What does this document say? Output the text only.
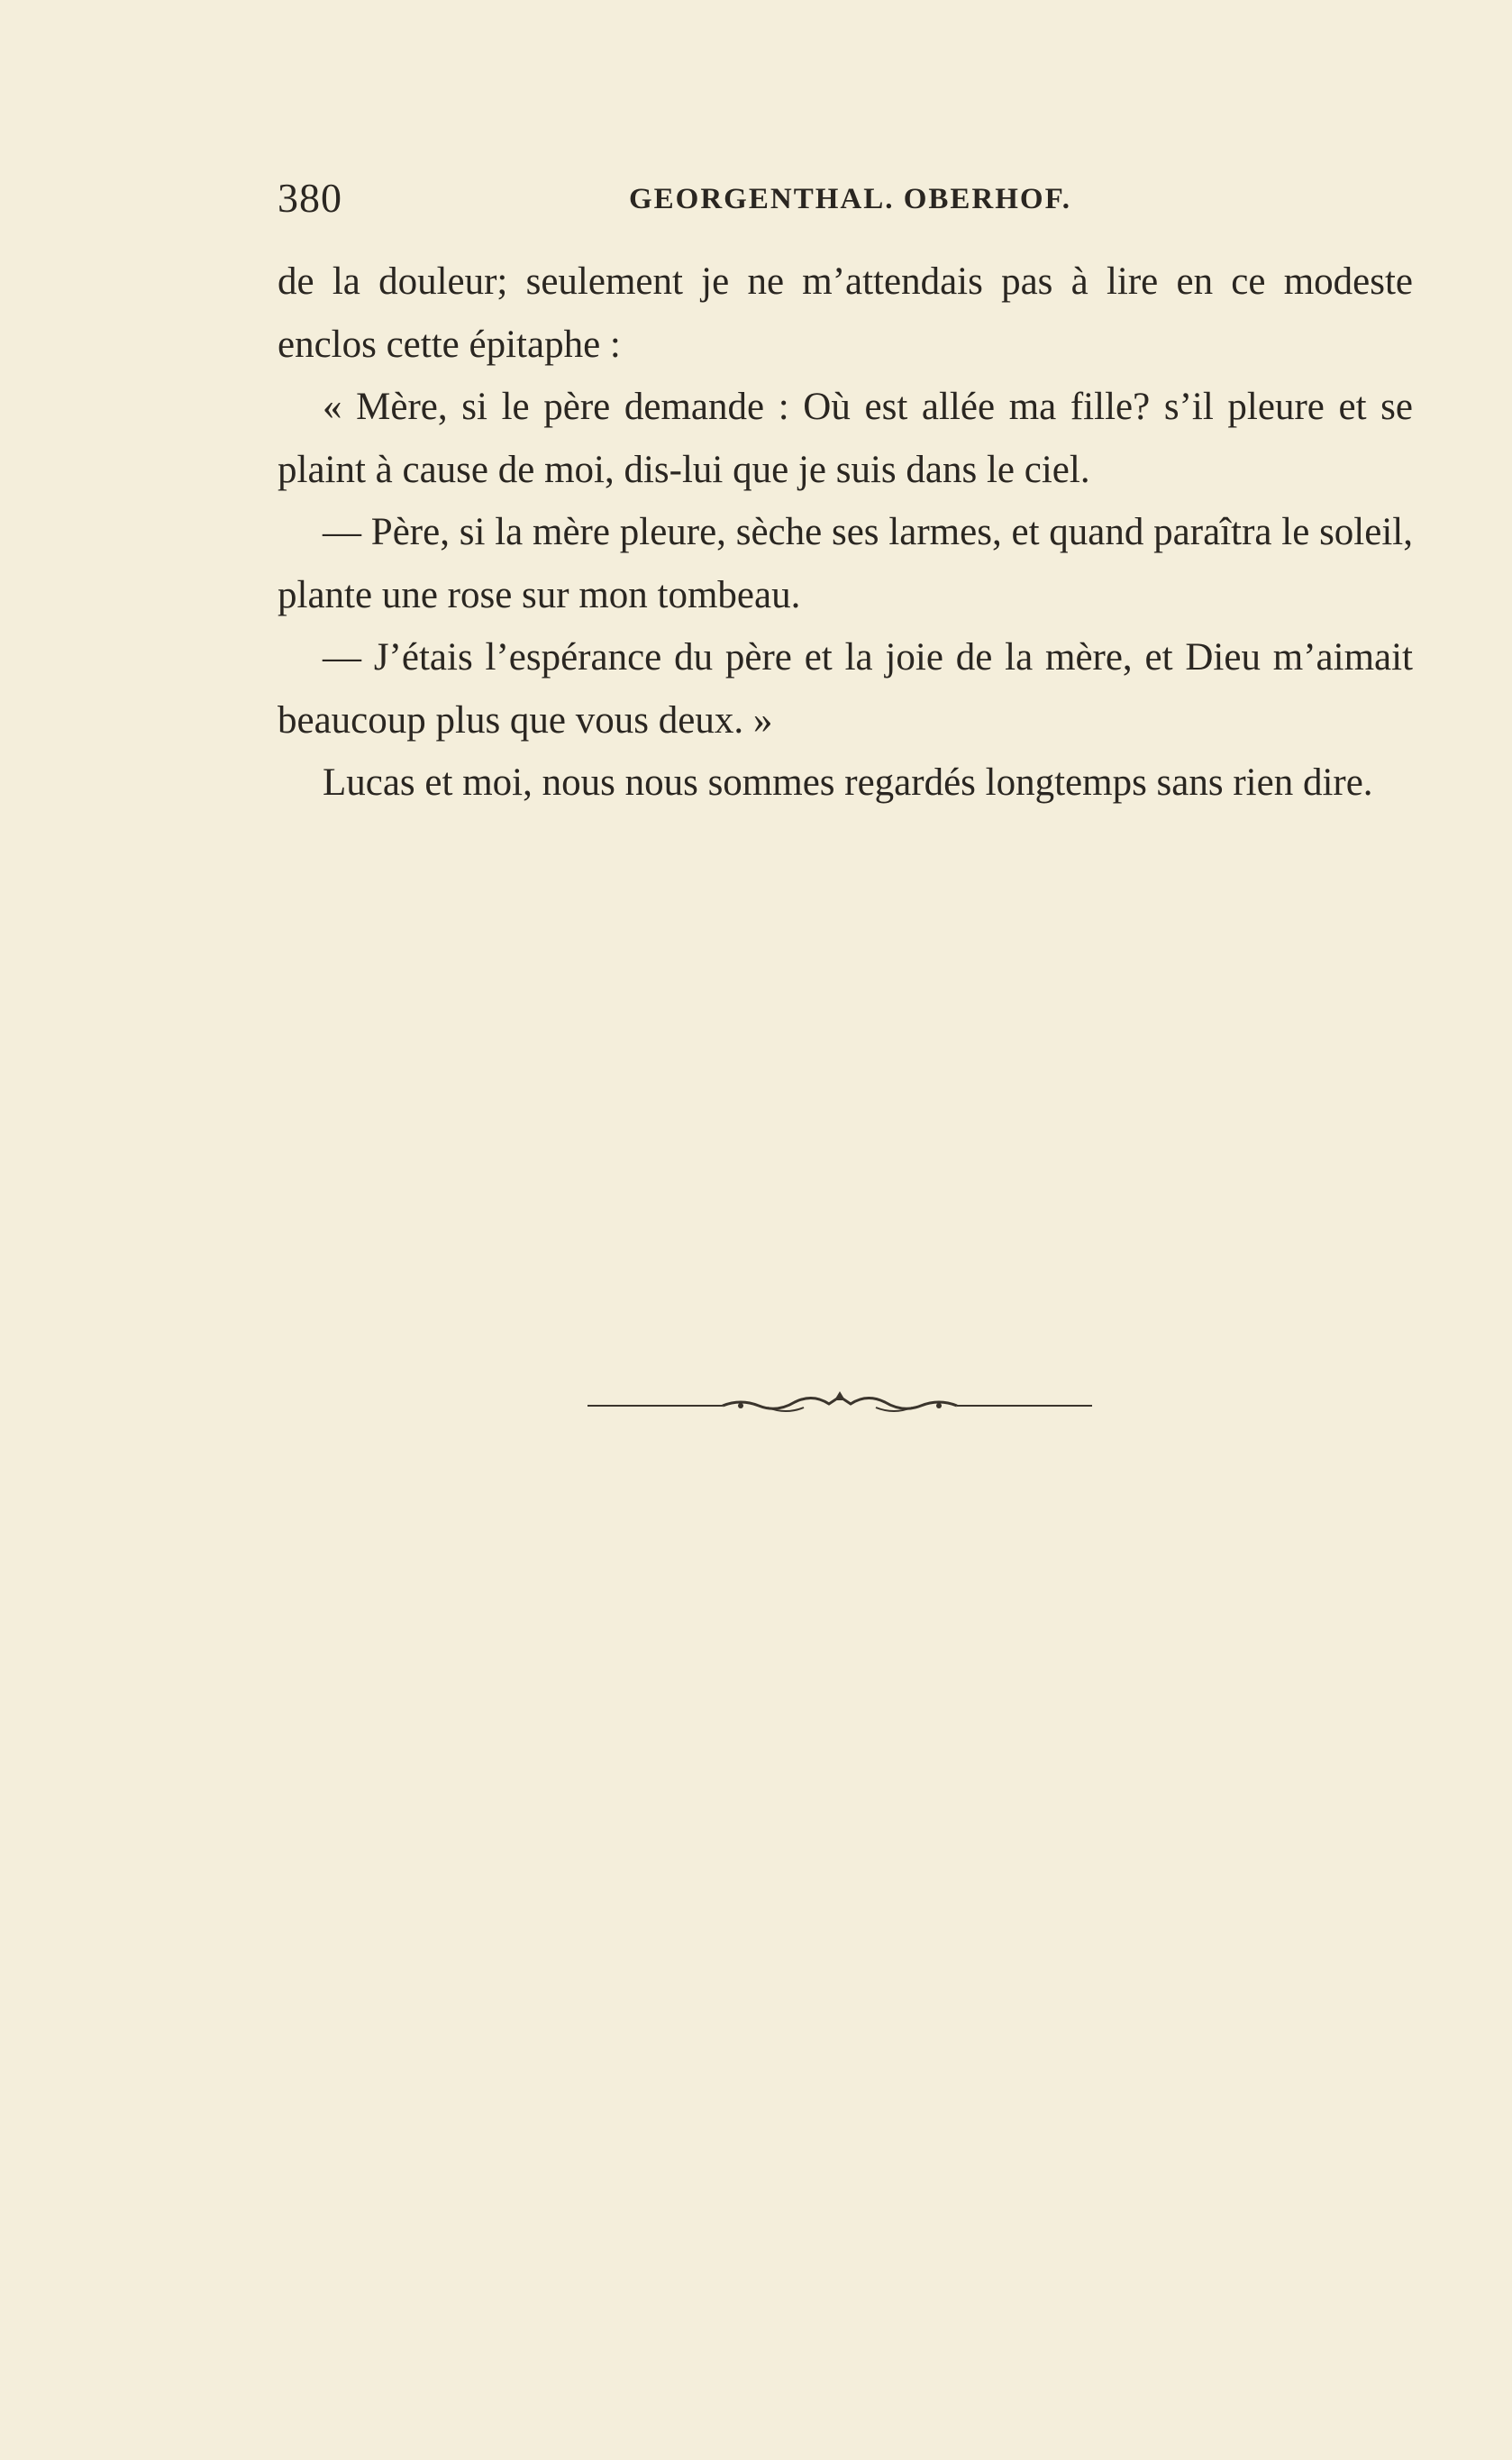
380	GEORGENTHAL. OBERHOF.

de la douleur; seulement je ne m’attendais pas à lire en ce modeste enclos cette épitaphe :

« Mère, si le père demande : Où est allée ma fille? s’il pleure et se plaint à cause de moi, dis-lui que je suis dans le ciel.

— Père, si la mère pleure, sèche ses larmes, et quand paraîtra le soleil, plante une rose sur mon tombeau.

— J’étais l’espérance du père et la joie de la mère, et Dieu m’aimait beaucoup plus que vous deux. »

Lucas et moi, nous nous sommes regardés longtemps sans rien dire.
